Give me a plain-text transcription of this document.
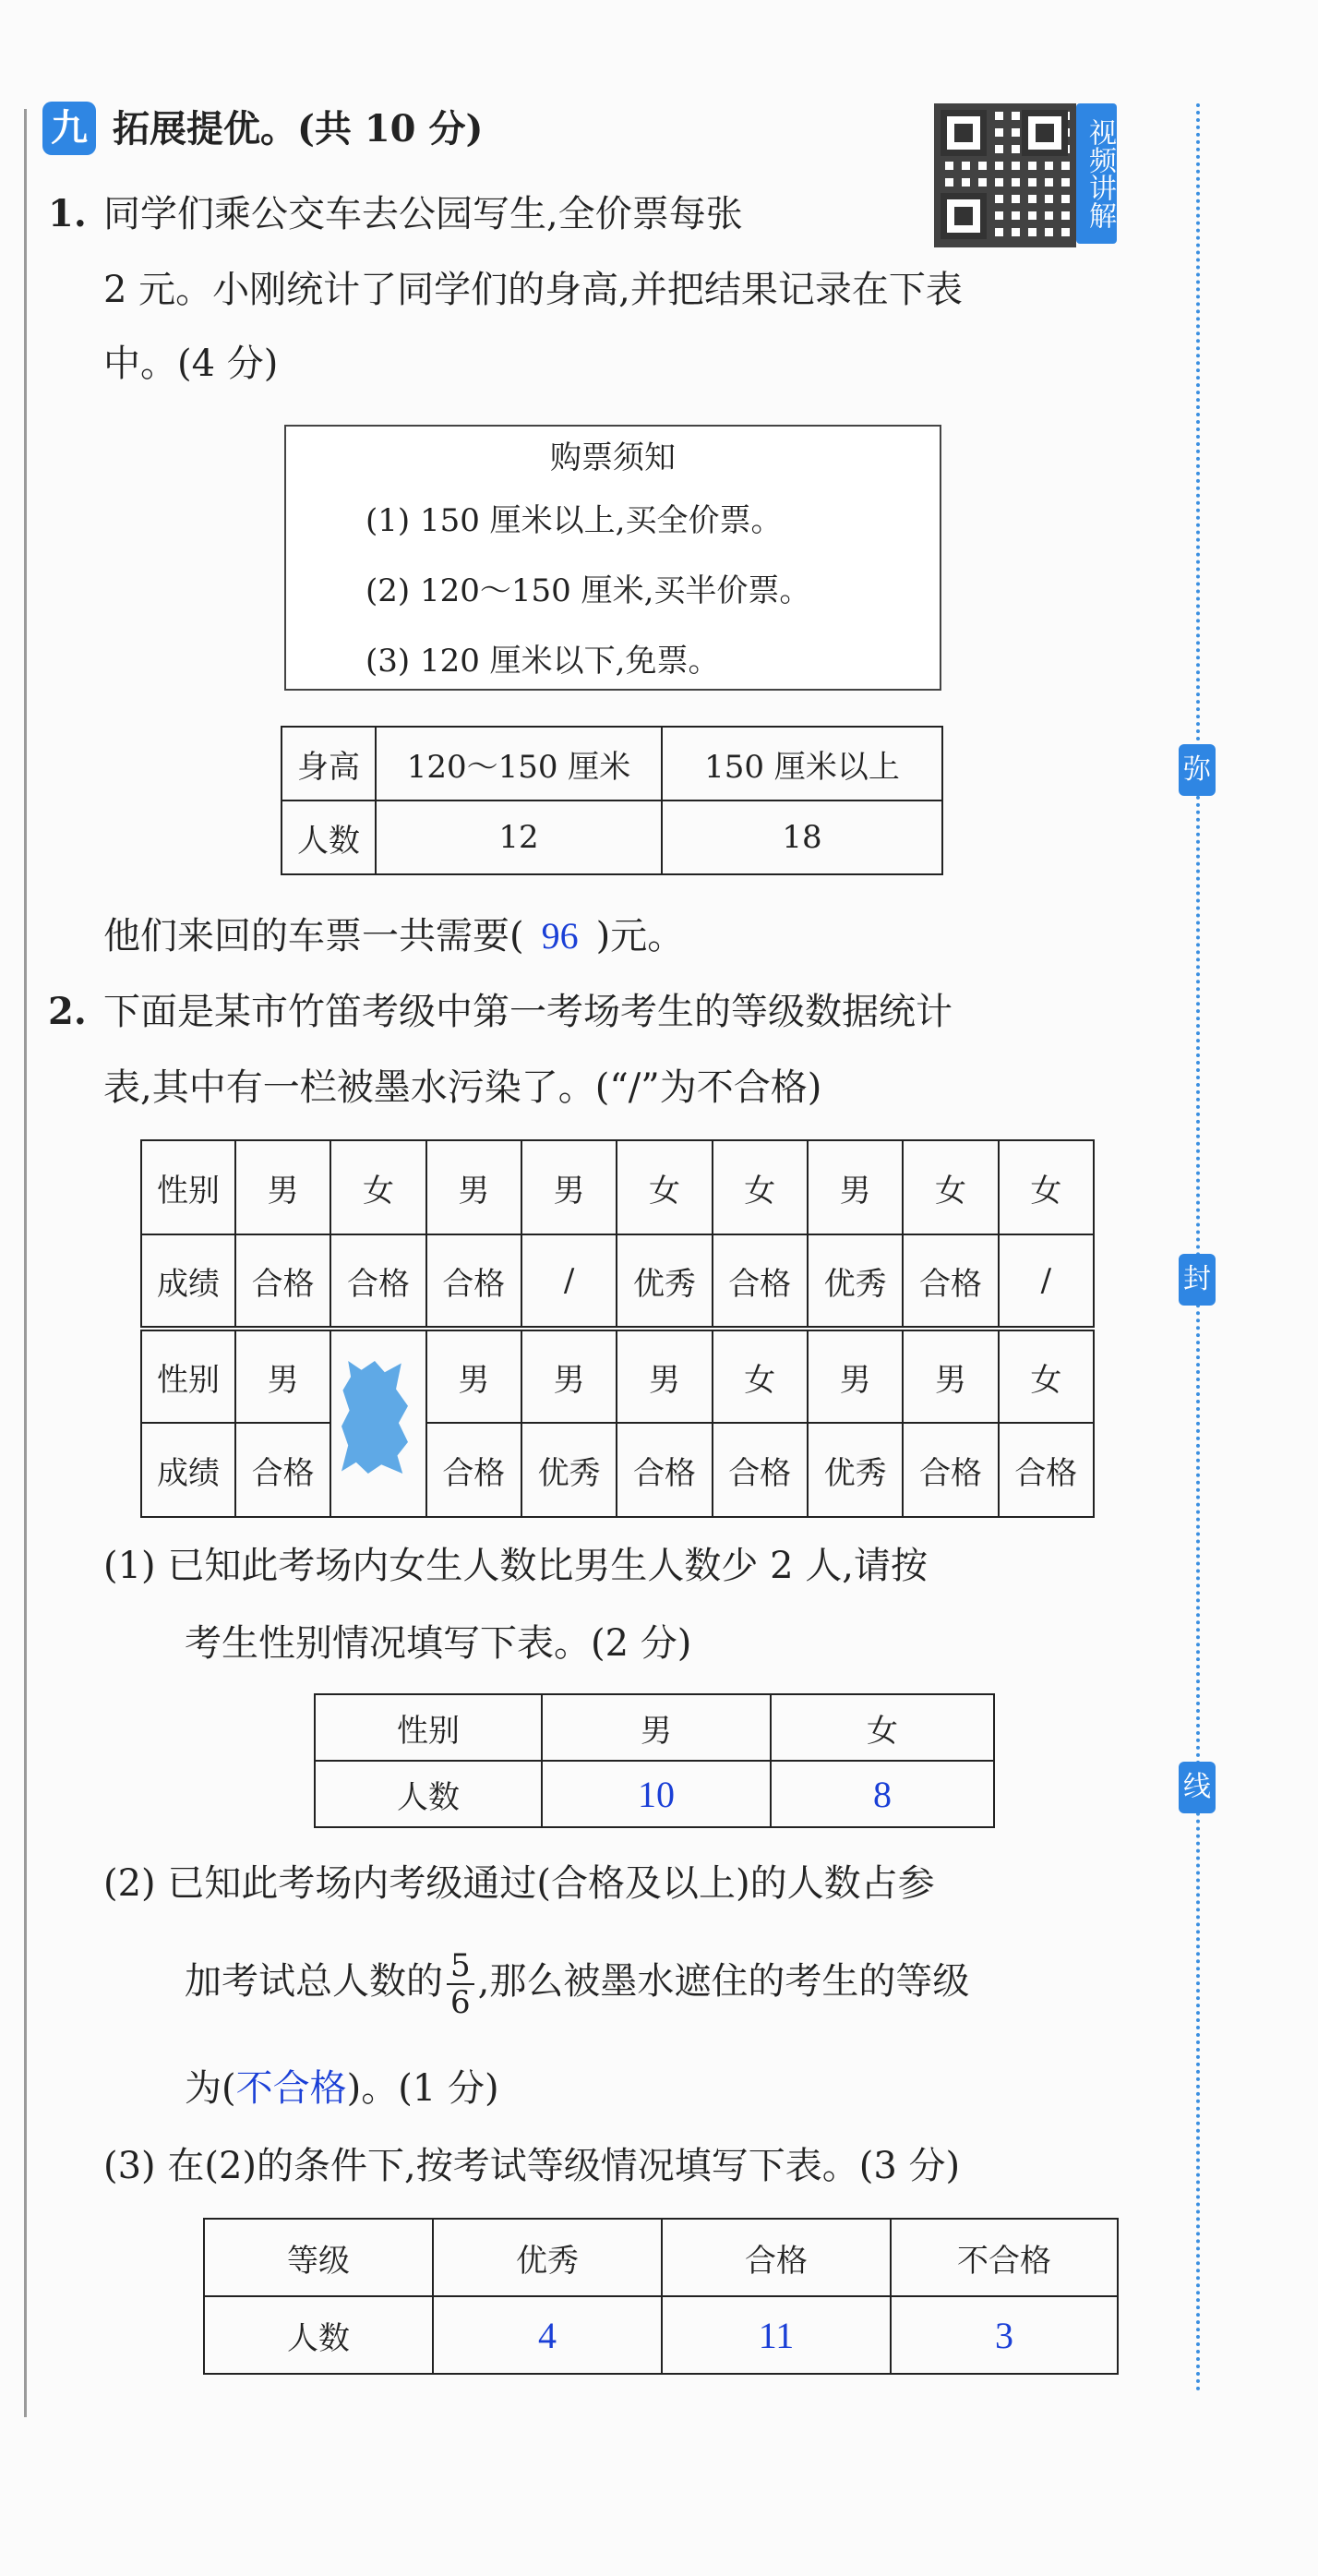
弥
封
线
九 拓展提优。(共 10 分)	视频讲解
1. 同学们乘公交车去公园写生,全价票每张
2 元。小刚统计了同学们的身高,并把结果记录在下表
中。(4 分)
购票须知
(1) 150 厘米以上,买全价票。
(2) 120～150 厘米,买半价票。
(3) 120 厘米以下,免票。
身高	120～150 厘米	150 厘米以上
人数	12	18
他们来回的车票一共需要( 96 )元。
2. 下面是某市竹笛考级中第一考场考生的等级数据统计
表,其中有一栏被墨水污染了。(“/”为不合格)
性别	男	女	男	男	女	女	男	女	女
成绩	合格	合格	合格	/	优秀	合格	优秀	合格	/
性别	男		男	男	男	女	男	男	女
成绩	合格		合格	优秀	合格	合格	优秀	合格	合格
(1) 已知此考场内女生人数比男生人数少 2 人,请按
考生性别情况填写下表。(2 分)
性别	男	女
人数	10	8
(2) 已知此考场内考级通过(合格及以上)的人数占参
加考试总人数的 $\frac{5}{6}$ ,那么被墨水遮住的考生的等级
为(不合格)。(1 分)
(3) 在(2)的条件下,按考试等级情况填写下表。(3 分)
等级	优秀	合格	不合格
人数	4	11	3
